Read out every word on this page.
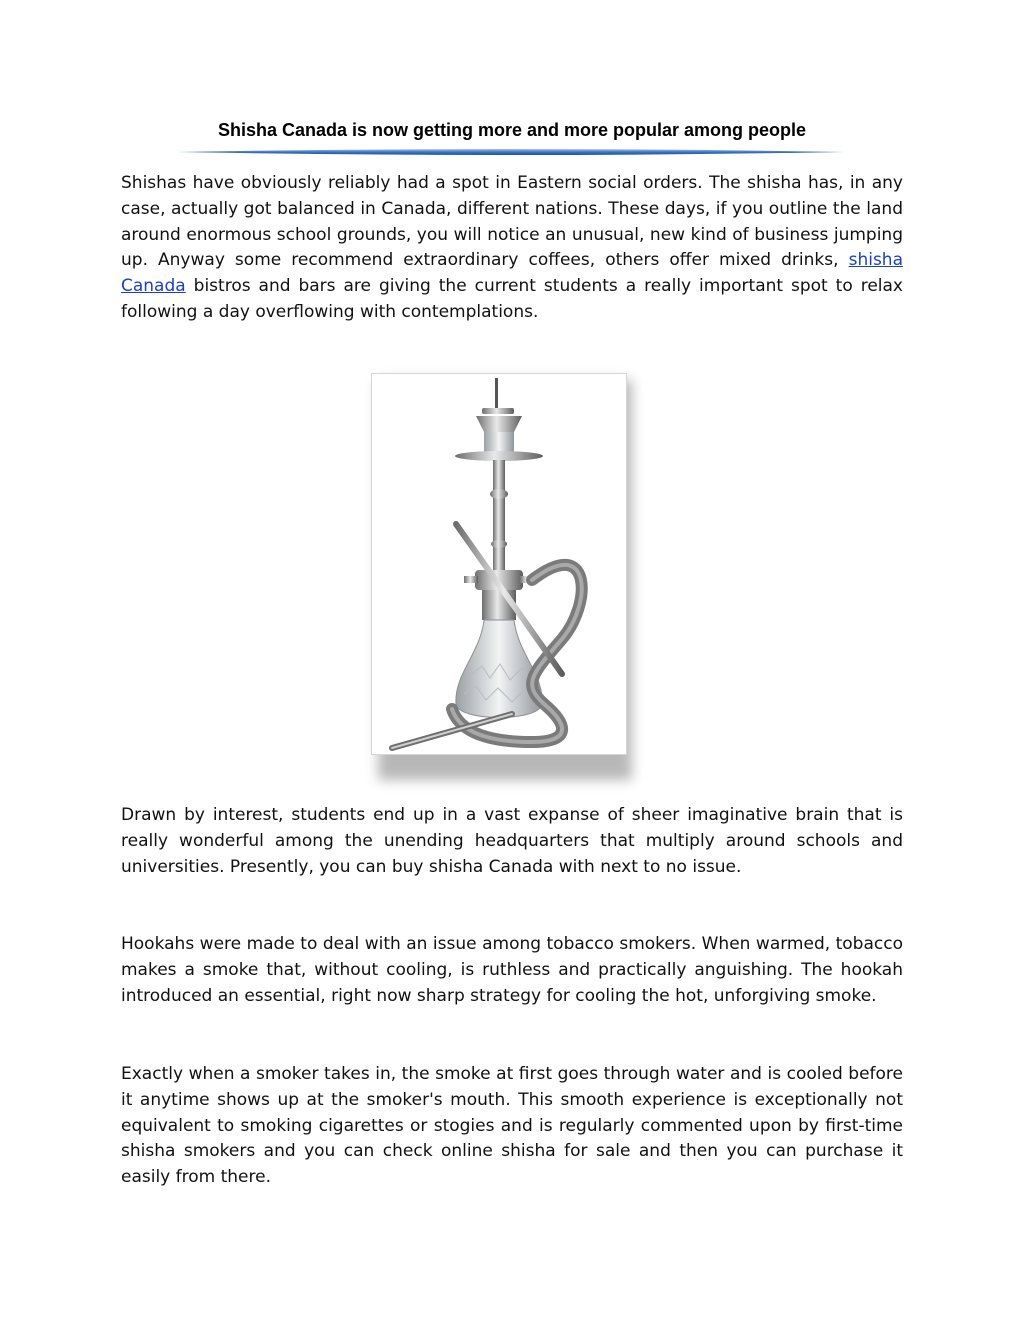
Shisha Canada is now getting more and more popular among people

Shishas have obviously reliably had a spot in Eastern social orders. The shisha has, in any case, actually got balanced in Canada, different nations. These days, if you outline the land around enormous school grounds, you will notice an unusual, new kind of business jumping up. Anyway some recommend extraordinary coffees, others offer mixed drinks, shisha Canada bistros and bars are giving the current students a really important spot to relax following a day overflowing with contemplations.

Drawn by interest, students end up in a vast expanse of sheer imaginative brain that is really wonderful among the unending headquarters that multiply around schools and universities. Presently, you can buy shisha Canada with next to no issue.

Hookahs were made to deal with an issue among tobacco smokers. When warmed, tobacco makes a smoke that, without cooling, is ruthless and practically anguishing. The hookah introduced an essential, right now sharp strategy for cooling the hot, unforgiving smoke.

Exactly when a smoker takes in, the smoke at first goes through water and is cooled before it anytime shows up at the smoker's mouth. This smooth experience is exceptionally not equivalent to smoking cigarettes or stogies and is regularly commented upon by first-time shisha smokers and you can check online shisha for sale and then you can purchase it easily from there.
